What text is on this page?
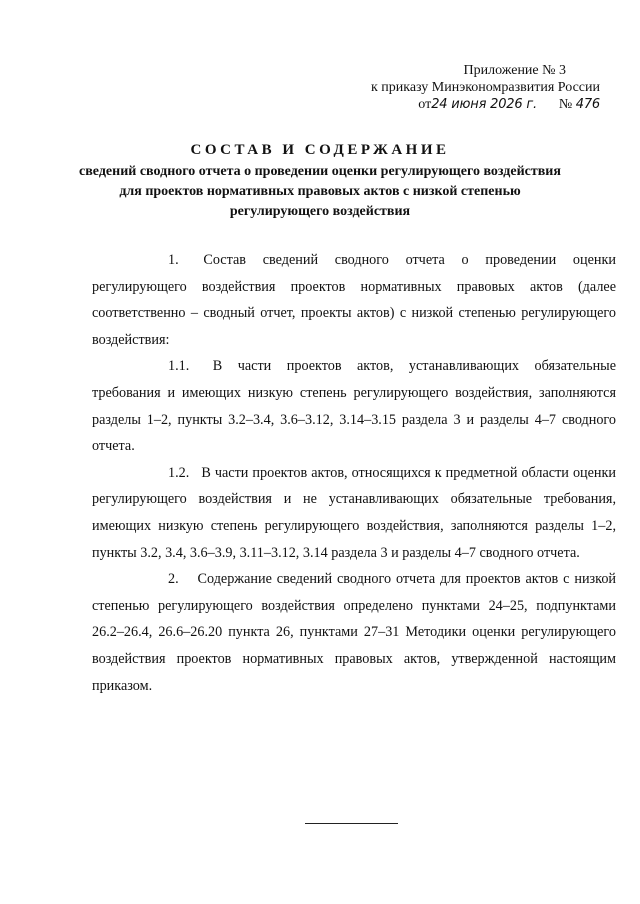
Приложение № 3
к приказу Минэкономразвития России
от24 июня 2026 г. № 476
СОСТАВ И СОДЕРЖАНИЕ
сведений сводного отчета о проведении оценки регулирующего воздействия
для проектов нормативных правовых актов с низкой степенью
регулирующего воздействия

1. Состав сведений сводного отчета о проведении оценки регулирующего воздействия проектов нормативных правовых актов (далее соответственно – сводный отчет, проекты актов) с низкой степенью регулирующего воздействия:

1.1. В части проектов актов, устанавливающих обязательные требования и имеющих низкую степень регулирующего воздействия, заполняются разделы 1–2, пункты 3.2–3.4, 3.6–3.12, 3.14–3.15 раздела 3 и разделы 4–7 сводного отчета.

1.2. В части проектов актов, относящихся к предметной области оценки регулирующего воздействия и не устанавливающих обязательные требования, имеющих низкую степень регулирующего воздействия, заполняются разделы 1–2, пункты 3.2, 3.4, 3.6–3.9, 3.11–3.12, 3.14 раздела 3 и разделы 4–7 сводного отчета.

2. Содержание сведений сводного отчета для проектов актов с низкой степенью регулирующего воздействия определено пунктами 24–25, подпунктами 26.2–26.4, 26.6–26.20 пункта 26, пунктами 27–31 Методики оценки регулирующего воздействия проектов нормативных правовых актов, утвержденной настоящим приказом.
